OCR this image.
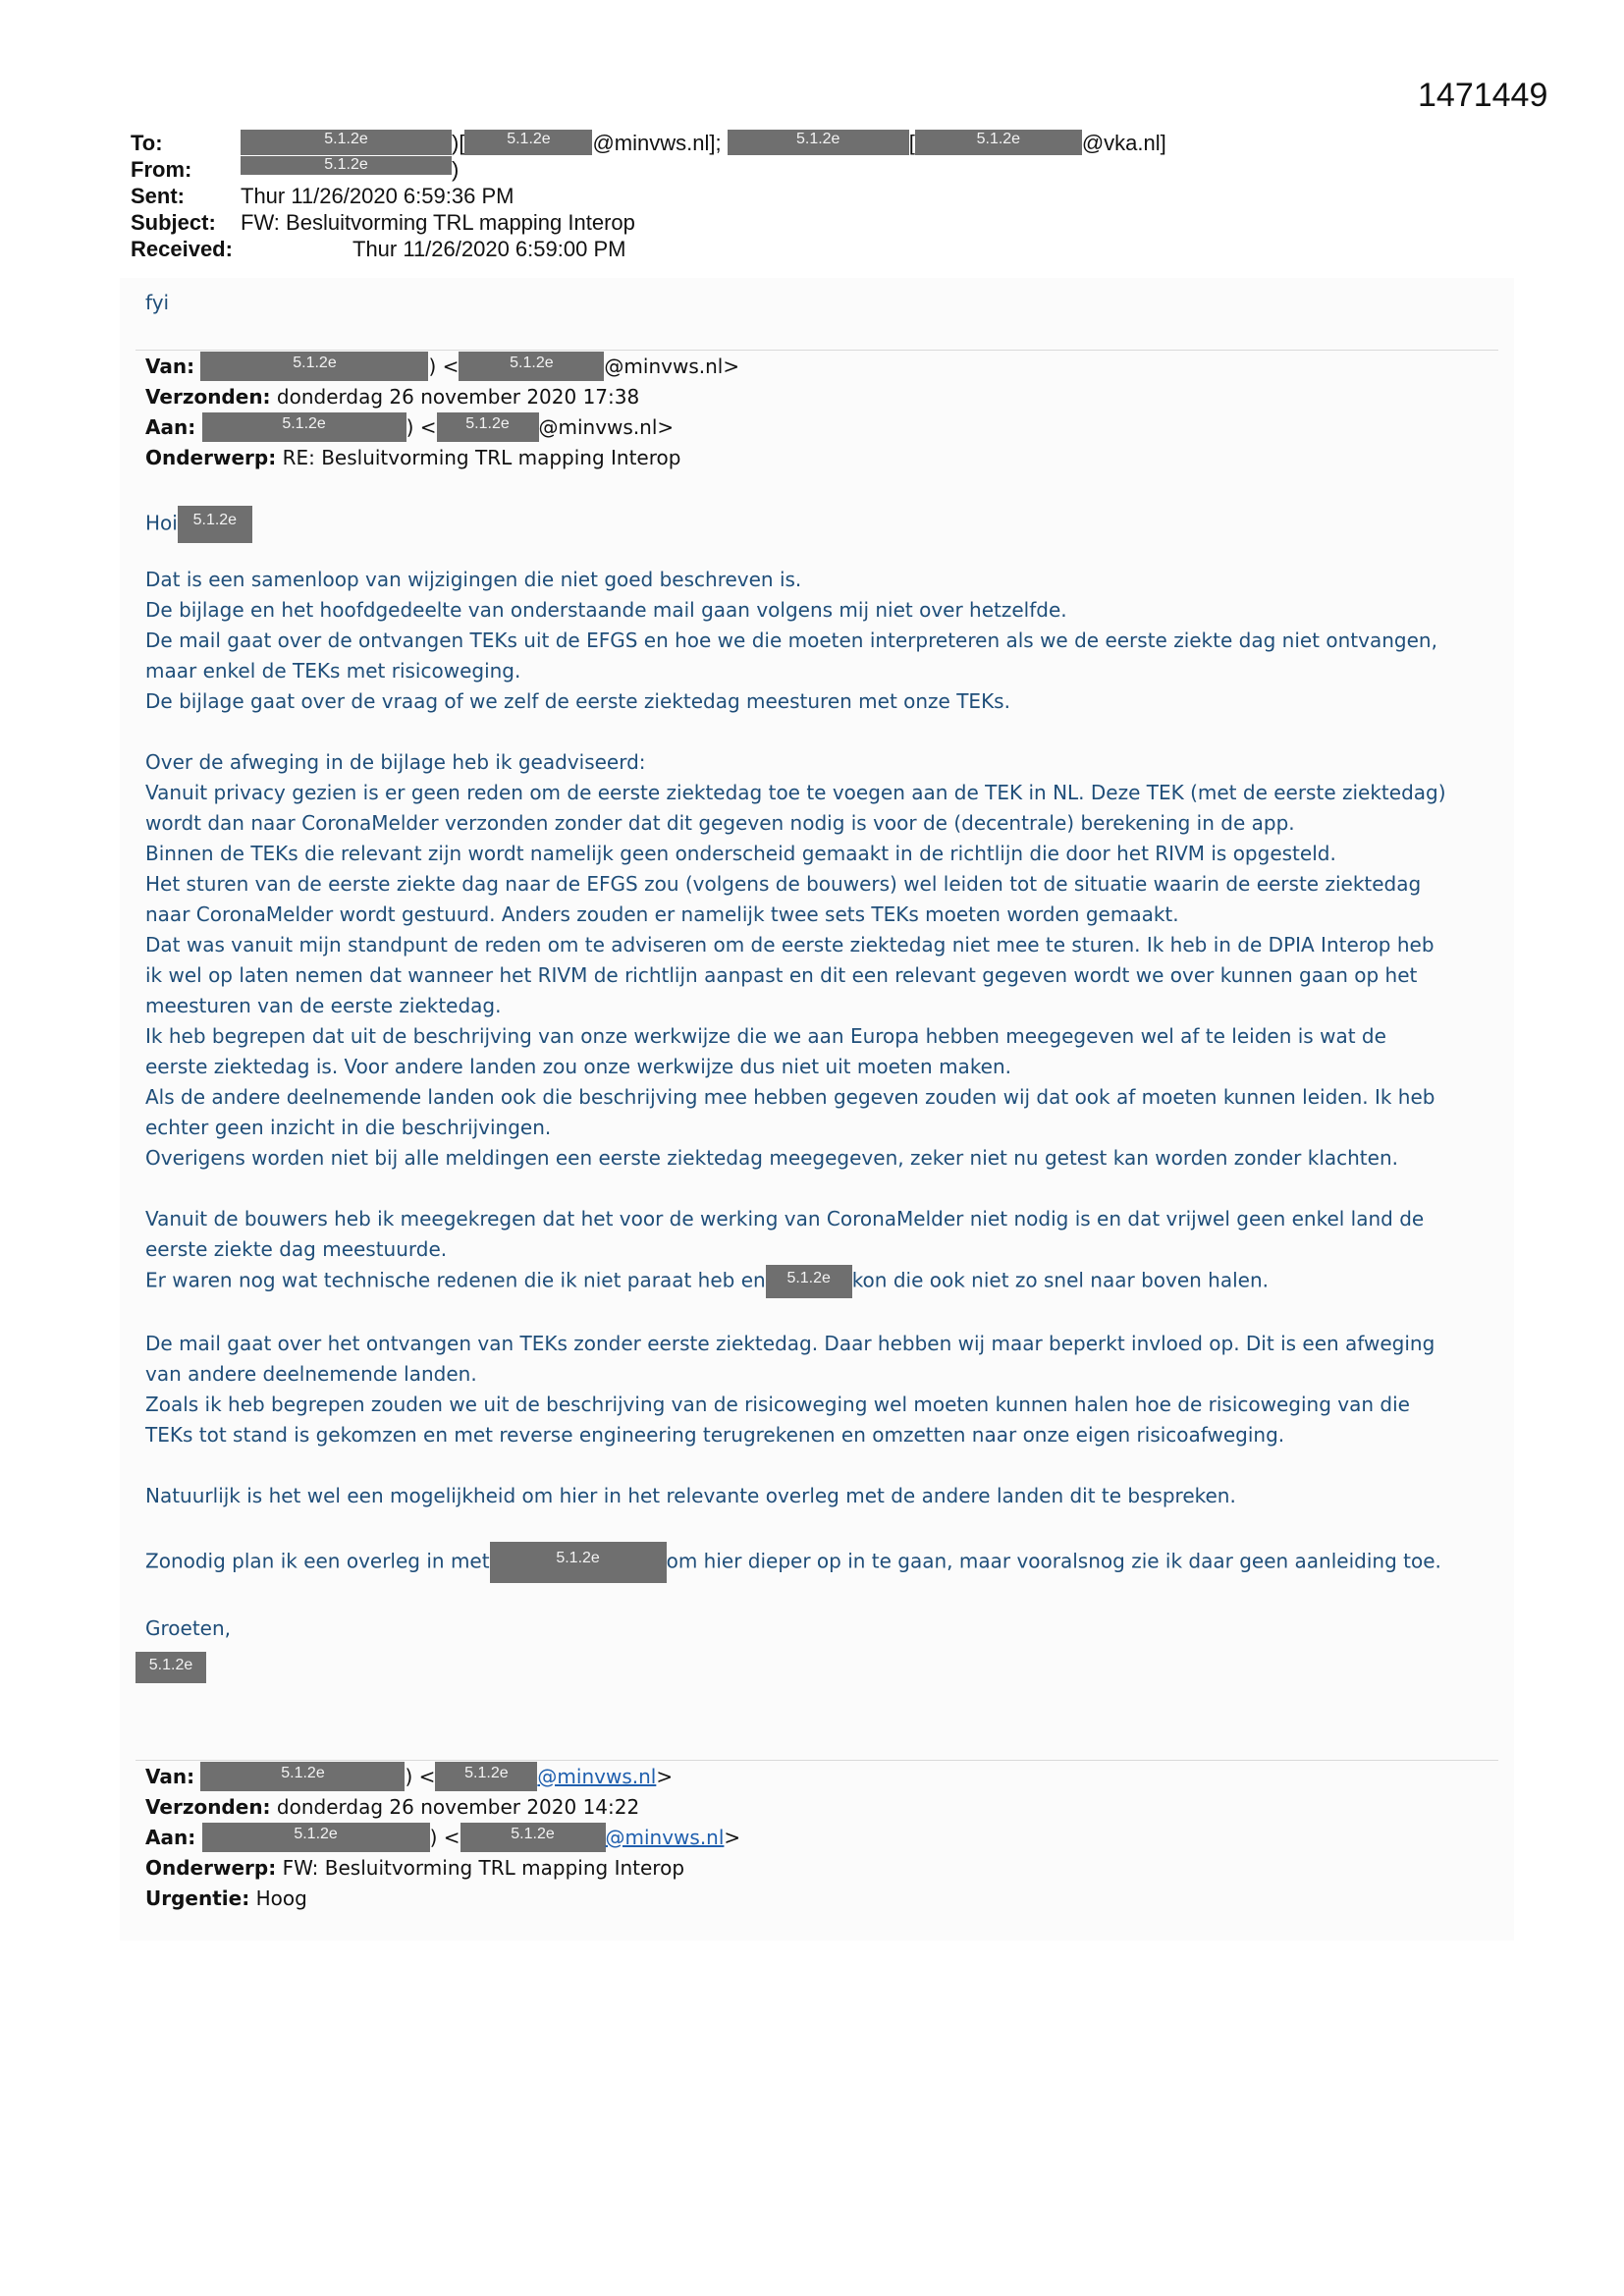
1471449
To:	5.1.2e	)[	5.1.2e @minvws.nl];	5.1.2e	[	5.1.2e	@vka.nl]
From:	5.1.2e	)
Sent:	Thur 11/26/2020 6:59:36 PM
Subject: FW: Besluitvorming TRL mapping Interop
Received:	Thur 11/26/2020 6:59:00 PM
fyi
Van:	5.1.2e	) <	5.1.2e	@minvws.nl>
Verzonden: donderdag 26 november 2020 17:38
Aan:	5.1.2e	) < 5.1.2e @minvws.nl>
Onderwerp: RE: Besluitvorming TRL mapping Interop

Hoi 5.1.2e

Dat is een samenloop van wijzigingen die niet goed beschreven is.

De bijlage en het hoofdgedeelte van onderstaande mail gaan volgens mij niet over hetzelfde.

De mail gaat over de ontvangen TEKs uit de EFGS en hoe we die moeten interpreteren als we de eerste ziekte dag niet ontvangen,

maar enkel de TEKs met risicoweging.

De bijlage gaat over de vraag of we zelf de eerste ziektedag meesturen met onze TEKs.

Over de afweging in de bijlage heb ik geadviseerd:

Vanuit privacy gezien is er geen reden om de eerste ziektedag toe te voegen aan de TEK in NL. Deze TEK (met de eerste ziektedag)

wordt dan naar CoronaMelder verzonden zonder dat dit gegeven nodig is voor de (decentrale) berekening in de app.

Binnen de TEKs die relevant zijn wordt namelijk geen onderscheid gemaakt in de richtlijn die door het RIVM is opgesteld.

Het sturen van de eerste ziekte dag naar de EFGS zou (volgens de bouwers) wel leiden tot de situatie waarin de eerste ziektedag

naar CoronaMelder wordt gestuurd. Anders zouden er namelijk twee sets TEKs moeten worden gemaakt.

Dat was vanuit mijn standpunt de reden om te adviseren om de eerste ziektedag niet mee te sturen. Ik heb in de DPIA Interop heb

ik wel op laten nemen dat wanneer het RIVM de richtlijn aanpast en dit een relevant gegeven wordt we over kunnen gaan op het

meesturen van de eerste ziektedag.

Ik heb begrepen dat uit de beschrijving van onze werkwijze die we aan Europa hebben meegegeven wel af te leiden is wat de

eerste ziektedag is. Voor andere landen zou onze werkwijze dus niet uit moeten maken.

Als de andere deelnemende landen ook die beschrijving mee hebben gegeven zouden wij dat ook af moeten kunnen leiden. Ik heb

echter geen inzicht in die beschrijvingen.

Overigens worden niet bij alle meldingen een eerste ziektedag meegegeven, zeker niet nu getest kan worden zonder klachten.

Vanuit de bouwers heb ik meegekregen dat het voor de werking van CoronaMelder niet nodig is en dat vrijwel geen enkel land de

eerste ziekte dag meestuurde.

Er waren nog wat technische redenen die ik niet paraat heb en 5.1.2e kon die ook niet zo snel naar boven halen.

De mail gaat over het ontvangen van TEKs zonder eerste ziektedag. Daar hebben wij maar beperkt invloed op. Dit is een afweging

van andere deelnemende landen.

Zoals ik heb begrepen zouden we uit de beschrijving van de risicoweging wel moeten kunnen halen hoe de risicoweging van die

TEKs tot stand is gekomzen en met reverse engineering terugrekenen en omzetten naar onze eigen risicoafweging.

Natuurlijk is het wel een mogelijkheid om hier in het relevante overleg met de andere landen dit te bespreken.

Zonodig plan ik een overleg in met	5.1.2e	om hier dieper op in te gaan, maar vooralsnog zie ik daar geen aanleiding toe.

Groeten,

5.1.2e
Van:	5.1.2e	) < 5.1.2e @minvws.nl>
Verzonden: donderdag 26 november 2020 14:22
Aan:	5.1.2e	) <	5.1.2e	@minvws.nl>
Onderwerp: FW: Besluitvorming TRL mapping Interop
Urgentie: Hoog
